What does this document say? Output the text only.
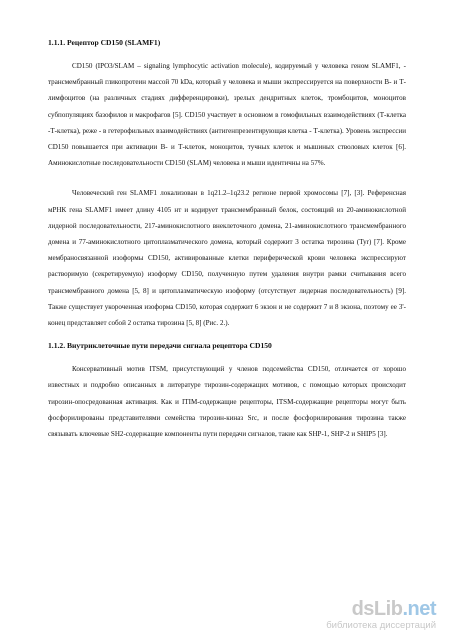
1.1.1. Рецептор CD150 (SLAMF1)

CD150 (IPO3/SLAM – signaling lymphocytic activation molecule), кодируемый у человека геном SLAMF1, - трансмембранный гликопротеин массой 70 kDa, который у человека и мыши экспрессируется на поверхности В- и Т-лимфоцитов (на различных стадиях дифференцировки), зрелых дендритных клеток, тромбоцитов, моноцитов субпопуляциях базофилов и макрофагов [5]. CD150 участвует в основном в гомофильных взаимодействиях (Т-клетка -Т-клетка), реже - в гетерофильных взаимодействиях (антигенпрезентирующая клетка - Т-клетка). Уровень экспрессии CD150 повышается при активации В- и Т-клеток, моноцитов, тучных клеток и мышиных стволовых клеток [6]. Аминокислотные последовательности CD150 (SLAM) человека и мыши идентичны на 57%.

Человеческий ген SLAMF1 локализован в 1q21.2–1q23.2 регионе первой хромосомы [7], [3]. Референсная мРНК гена SLAMF1 имеет длину 4105 нт и кодирует трансмембранный белок, состоящий из 20-аминокислотной лидерной последовательности, 217-аминокислотного внеклеточного домена, 21-аминокислотного трансмембранного домена и 77-аминокислотного цитоплазматического домена, который содержит 3 остатка тирозина (Tyr) [7]. Кроме мембраносвязанной изоформы CD150, активированные клетки периферической крови человека экспрессируют растворимую (секретируемую) изоформу CD150, полученную путем удаления внутри рамки считывания всего трансмембранного домена [5, 8] и цитоплазматическую изоформу (отсутствует лидерная последовательность) [9]. Также существует укороченная изоформа CD150, которая содержит 6 экзон и не содержит 7 и 8 экзона, поэтому ее 3'-конец представляет собой 2 остатка тирозина [5, 8] (Рис. 2.).

1.1.2. Внутриклеточные пути передачи сигнала рецептора CD150

Консервативный мотив ITSM, присутствующий у членов подсемейства CD150, отличается от хорошо известных и подробно описанных в литературе тирозин-содержащих мотивов, с помощью которых происходит тирозин-опосредованная активация. Как и ITIM-содержащие рецепторы, ITSM-содержащие рецепторы могут быть фосфорилированы представителями семейства тирозин-киназ Src, и после фосфорилирования тирозина также связывать ключевые SH2-содержащие компоненты пути передачи сигналов, такие как SHP-1, SHP-2 и SHIP5 [3].

dsLib.net
библиотека диссертаций
